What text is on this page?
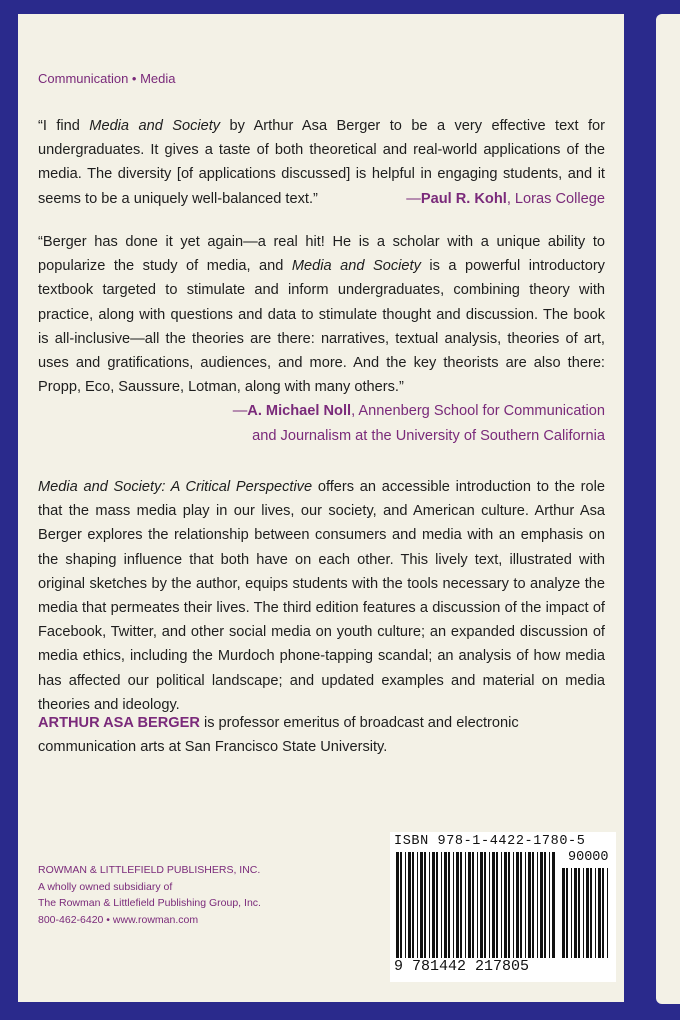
Communication • Media
“I find Media and Society by Arthur Asa Berger to be a very effective text for undergraduates. It gives a taste of both theoretical and real-world applications of the media. The diversity [of applications discussed] is helpful in engaging students, and it seems to be a uniquely well-balanced text.”	—Paul R. Kohl, Loras College
“Berger has done it yet again—a real hit! He is a scholar with a unique ability to popularize the study of media, and Media and Society is a powerful introductory textbook targeted to stimulate and inform undergraduates, combining theory with practice, along with questions and data to stimulate thought and discussion. The book is all-inclusive—all the theories are there: narratives, textual analysis, theories of art, uses and gratifications, audiences, and more. And the key theorists are also there: Propp, Eco, Saussure, Lotman, along with many others.”
—A. Michael Noll, Annenberg School for Communication
and Journalism at the University of Southern California
Media and Society: A Critical Perspective offers an accessible introduction to the role that the mass media play in our lives, our society, and American culture. Arthur Asa Berger explores the relationship between consumers and media with an emphasis on the shaping influence that both have on each other. This lively text, illustrated with original sketches by the author, equips students with the tools necessary to analyze the media that permeates their lives. The third edition features a discussion of the impact of Facebook, Twitter, and other social media on youth culture; an expanded discussion of media ethics, including the Murdoch phone-tapping scandal; an analysis of how media has affected our political landscape; and updated examples and material on media theories and ideology.
ARTHUR ASA BERGER is professor emeritus of broadcast and electronic communication arts at San Francisco State University.
ROWMAN & LITTLEFIELD PUBLISHERS, INC.
A wholly owned subsidiary of
The Rowman & Littlefield Publishing Group, Inc.
800-462-6420 • www.rowman.com
ISBN 978-1-4422-1780-5
90000
9 781442 217805
